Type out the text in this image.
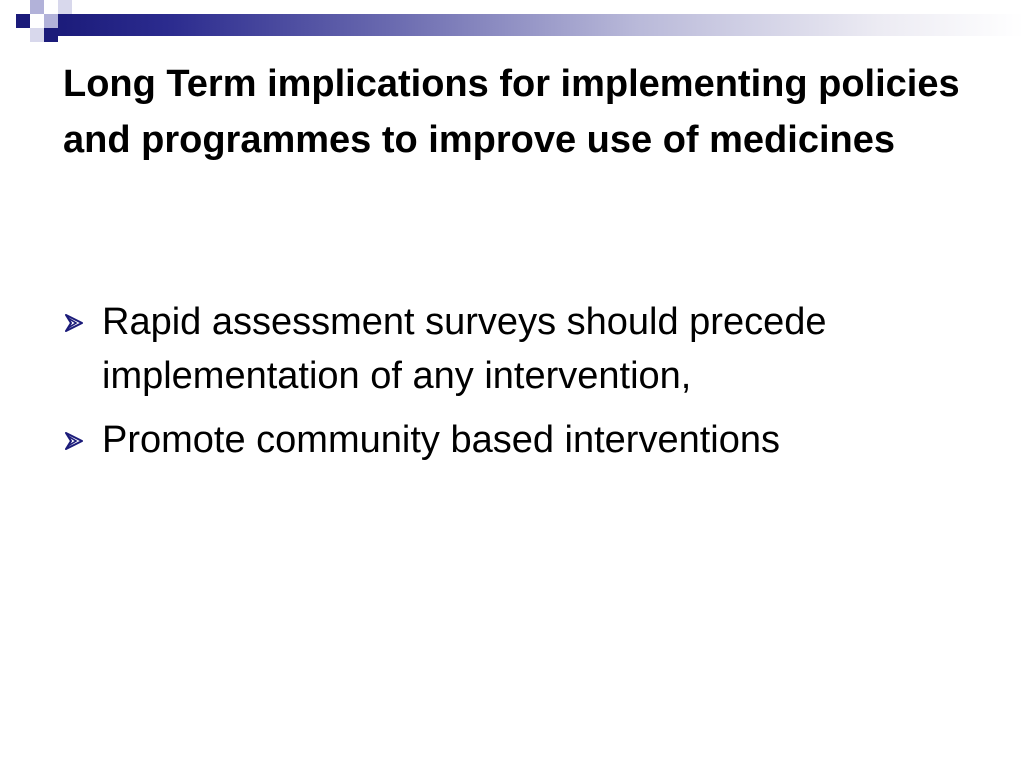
Long Term implications for implementing policies and programmes to improve use of medicines
Rapid assessment surveys should precede implementation of any intervention,
Promote community based interventions
